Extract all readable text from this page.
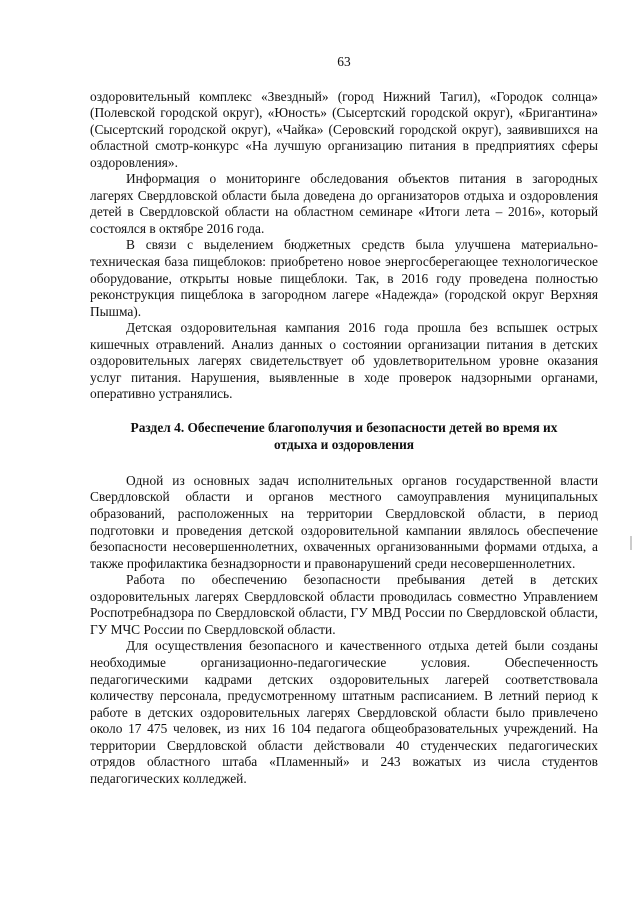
63

оздоровительный комплекс «Звездный» (город Нижний Тагил), «Городок солнца» (Полевской городской округ), «Юность» (Сысертский городской округ), «Бригантина» (Сысертский городской округ), «Чайка» (Серовский городской округ), заявившихся на областной смотр-конкурс «На лучшую организацию питания в предприятиях сферы оздоровления».

Информация о мониторинге обследования объектов питания в загородных лагерях Свердловской области была доведена до организаторов отдыха и оздоровления детей в Свердловской области на областном семинаре «Итоги лета – 2016», который состоялся в октябре 2016 года.

В связи с выделением бюджетных средств была улучшена материально-техническая база пищеблоков: приобретено новое энергосберегающее технологическое оборудование, открыты новые пищеблоки. Так, в 2016 году проведена полностью реконструкция пищеблока в загородном лагере «Надежда» (городской округ Верхняя Пышма).

Детская оздоровительная кампания 2016 года прошла без вспышек острых кишечных отравлений. Анализ данных о состоянии организации питания в детских оздоровительных лагерях свидетельствует об удовлетворительном уровне оказания услуг питания. Нарушения, выявленные в ходе проверок надзорными органами, оперативно устранялись.

Раздел 4. Обеспечение благополучия и безопасности детей во время их
отдыха и оздоровления

Одной из основных задач исполнительных органов государственной власти Свердловской области и органов местного самоуправления муниципальных образований, расположенных на территории Свердловской области, в период подготовки и проведения детской оздоровительной кампании являлось обеспечение безопасности несовершеннолетних, охваченных организованными формами отдыха, а также профилактика безнадзорности и правонарушений среди несовершеннолетних.

Работа по обеспечению безопасности пребывания детей в детских оздоровительных лагерях Свердловской области проводилась совместно Управлением Роспотребнадзора по Свердловской области, ГУ МВД России по Свердловской области, ГУ МЧС России по Свердловской области.

Для осуществления безопасного и качественного отдыха детей были созданы необходимые организационно-педагогические условия. Обеспеченность педагогическими кадрами детских оздоровительных лагерей соответствовала количеству персонала, предусмотренному штатным расписанием. В летний период к работе в детских оздоровительных лагерях Свердловской области было привлечено около 17 475 человек, из них 16 104 педагога общеобразовательных учреждений. На территории Свердловской области действовали 40 студенческих педагогических отрядов областного штаба «Пламенный» и 243 вожатых из числа студентов педагогических колледжей.
